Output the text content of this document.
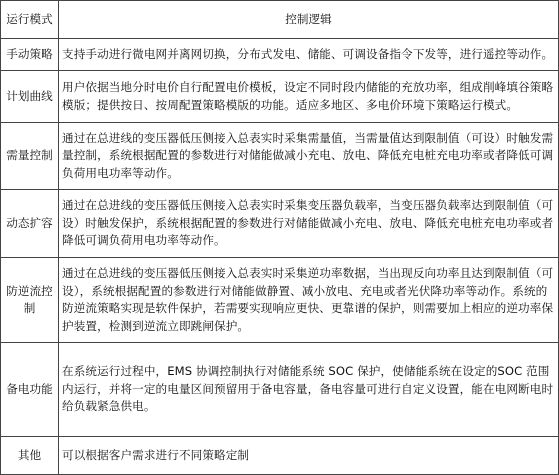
运行模式	控制逻辑
手动策略	支持手动进行微电网并离网切换，分布式发电、储能、可调设备指令下发等，进行遥控等动作。
计划曲线	用户依据当地分时电价自行配置电价模板，设定不同时段内储能的充放功率，组成削峰填谷策略模版；提供按日、按周配置策略模版的功能。适应多地区、多电价环境下策略运行模式。
需量控制	通过在总进线的变压器低压侧接入总表实时采集需量值，当需量值达到限制值（可设）时触发需量控制，系统根据配置的参数进行对储能做减小充电、放电、降低充电桩充电功率或者降低可调负荷用电功率等动作。
动态扩容	通过在总进线的变压器低压侧接入总表实时采集变压器负载率，当变压器负载率达到限制值（可设）时触发保护，系统根据配置的参数进行对储能做减小充电、放电、降低充电桩充电功率或者降低可调负荷用电功率等动作。
防逆流控制	通过在总进线的变压器低压侧接入总表实时采集逆功率数据，当出现反向功率且达到限制值（可设），系统根据配置的参数进行对储能做静置、减小放电、充电或者光伏降功率等动作。系统的防逆流策略实现是软件保护，若需要实现响应更快、更靠谱的保护，则需要加上相应的逆功率保护装置，检测到逆流立即跳闸保护。
备电功能	在系统运行过程中，EMS 协调控制执行对储能系统 SOC 保护，使储能系统在设定的SOC 范围内运行，并将一定的电量区间预留用于备电容量，备电容量可进行自定义设置，能在电网断电时给负载紧急供电。
其他	可以根据客户需求进行不同策略定制
